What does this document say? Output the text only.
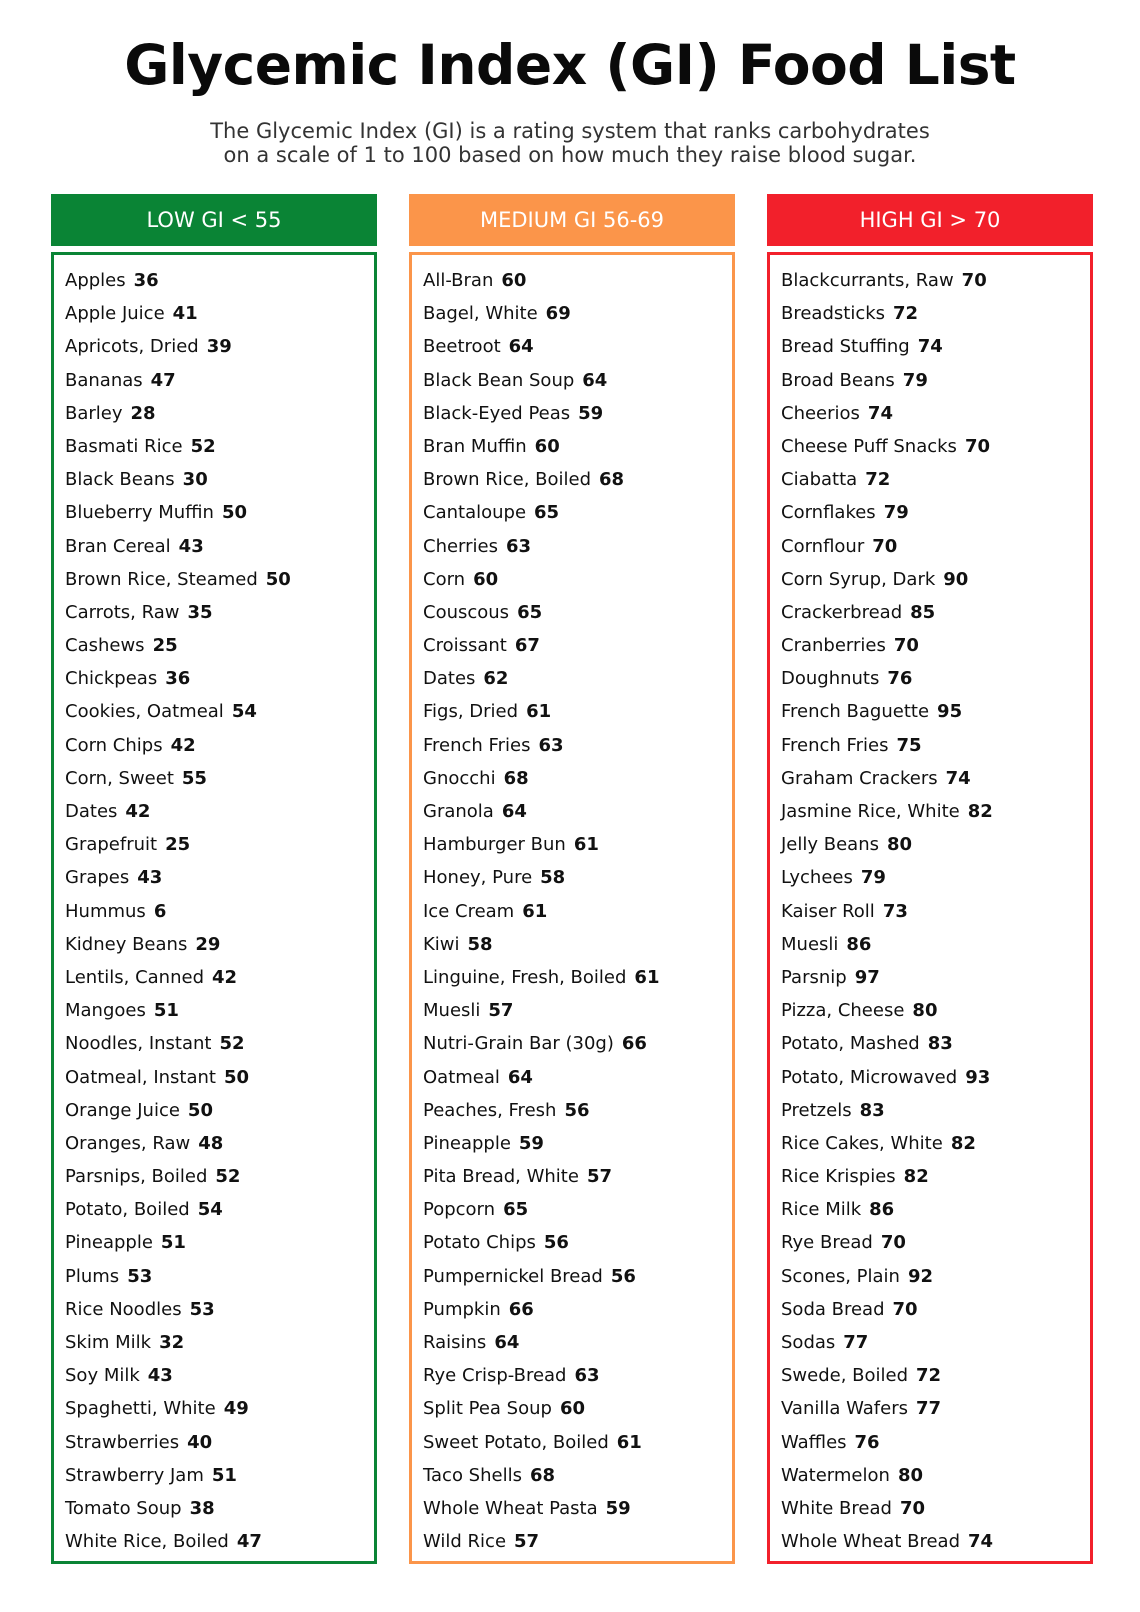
Glycemic Index (GI) Food List
The Glycemic Index (GI) is a rating system that ranks carbohydrates
on a scale of 1 to 100 based on how much they raise blood sugar.
LOW GI < 55
Apples 36
Apple Juice 41
Apricots, Dried 39
Bananas 47
Barley 28
Basmati Rice 52
Black Beans 30
Blueberry Muffin 50
Bran Cereal 43
Brown Rice, Steamed 50
Carrots, Raw 35
Cashews 25
Chickpeas 36
Cookies, Oatmeal 54
Corn Chips 42
Corn, Sweet 55
Dates 42
Grapefruit 25
Grapes 43
Hummus 6
Kidney Beans 29
Lentils, Canned 42
Mangoes 51
Noodles, Instant 52
Oatmeal, Instant 50
Orange Juice 50
Oranges, Raw 48
Parsnips, Boiled 52
Potato, Boiled 54
Pineapple 51
Plums 53
Rice Noodles 53
Skim Milk 32
Soy Milk 43
Spaghetti, White 49
Strawberries 40
Strawberry Jam 51
Tomato Soup 38
White Rice, Boiled 47
MEDIUM GI 56-69
All-Bran 60
Bagel, White 69
Beetroot 64
Black Bean Soup 64
Black-Eyed Peas 59
Bran Muffin 60
Brown Rice, Boiled 68
Cantaloupe 65
Cherries 63
Corn 60
Couscous 65
Croissant 67
Dates 62
Figs, Dried 61
French Fries 63
Gnocchi 68
Granola 64
Hamburger Bun 61
Honey, Pure 58
Ice Cream 61
Kiwi 58
Linguine, Fresh, Boiled 61
Muesli 57
Nutri-Grain Bar (30g) 66
Oatmeal 64
Peaches, Fresh 56
Pineapple 59
Pita Bread, White 57
Popcorn 65
Potato Chips 56
Pumpernickel Bread 56
Pumpkin 66
Raisins 64
Rye Crisp-Bread 63
Split Pea Soup 60
Sweet Potato, Boiled 61
Taco Shells 68
Whole Wheat Pasta 59
Wild Rice 57
HIGH GI > 70
Blackcurrants, Raw 70
Breadsticks 72
Bread Stuffing 74
Broad Beans 79
Cheerios 74
Cheese Puff Snacks 70
Ciabatta 72
Cornflakes 79
Cornflour 70
Corn Syrup, Dark 90
Crackerbread 85
Cranberries 70
Doughnuts 76
French Baguette 95
French Fries 75
Graham Crackers 74
Jasmine Rice, White 82
Jelly Beans 80
Lychees 79
Kaiser Roll 73
Muesli 86
Parsnip 97
Pizza, Cheese 80
Potato, Mashed 83
Potato, Microwaved 93
Pretzels 83
Rice Cakes, White 82
Rice Krispies 82
Rice Milk 86
Rye Bread 70
Scones, Plain 92
Soda Bread 70
Sodas 77
Swede, Boiled 72
Vanilla Wafers 77
Waffles 76
Watermelon 80
White Bread 70
Whole Wheat Bread 74
